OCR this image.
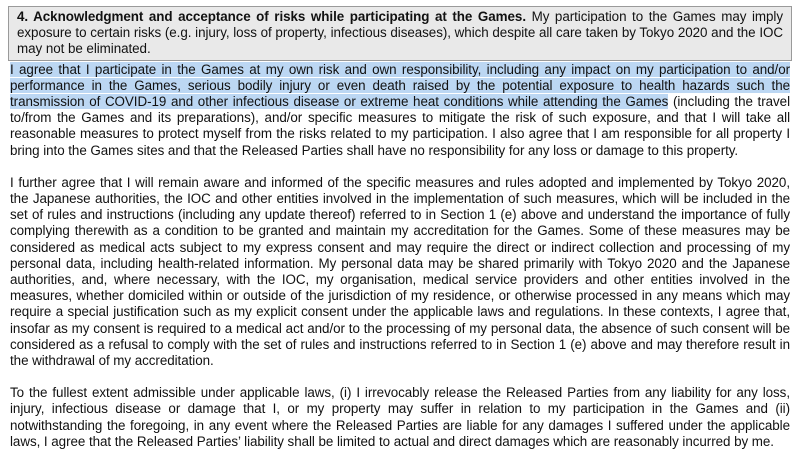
4. Acknowledgment and acceptance of risks while participating at the Games. My participation to the Games may imply exposure to certain risks (e.g. injury, loss of property, infectious diseases), which despite all care taken by Tokyo 2020 and the IOC may not be eliminated.

I agree that I participate in the Games at my own risk and own responsibility, including any impact on my participation to and/or performance in the Games, serious bodily injury or even death raised by the potential exposure to health hazards such the transmission of COVID-19 and other infectious disease or extreme heat conditions while attending the Games (including the travel to/from the Games and its preparations), and/or specific measures to mitigate the risk of such exposure, and that I will take all reasonable measures to protect myself from the risks related to my participation. I also agree that I am responsible for all property I bring into the Games sites and that the Released Parties shall have no responsibility for any loss or damage to this property.

I further agree that I will remain aware and informed of the specific measures and rules adopted and implemented by Tokyo 2020, the Japanese authorities, the IOC and other entities involved in the implementation of such measures, which will be included in the set of rules and instructions (including any update thereof) referred to in Section 1 (e) above and understand the importance of fully complying therewith as a condition to be granted and maintain my accreditation for the Games. Some of these measures may be considered as medical acts subject to my express consent and may require the direct or indirect collection and processing of my personal data, including health-related information. My personal data may be shared primarily with Tokyo 2020 and the Japanese authorities, and, where necessary, with the IOC, my organisation, medical service providers and other entities involved in the measures, whether domiciled within or outside of the jurisdiction of my residence, or otherwise processed in any means which may require a special justification such as my explicit consent under the applicable laws and regulations. In these contexts, I agree that, insofar as my consent is required to a medical act and/or to the processing of my personal data, the absence of such consent will be considered as a refusal to comply with the set of rules and instructions referred to in Section 1 (e) above and may therefore result in the withdrawal of my accreditation.

To the fullest extent admissible under applicable laws, (i) I irrevocably release the Released Parties from any liability for any loss, injury, infectious disease or damage that I, or my property may suffer in relation to my participation in the Games and (ii) notwithstanding the foregoing, in any event where the Released Parties are liable for any damages I suffered under the applicable laws, I agree that the Released Parties’ liability shall be limited to actual and direct damages which are reasonably incurred by me.
